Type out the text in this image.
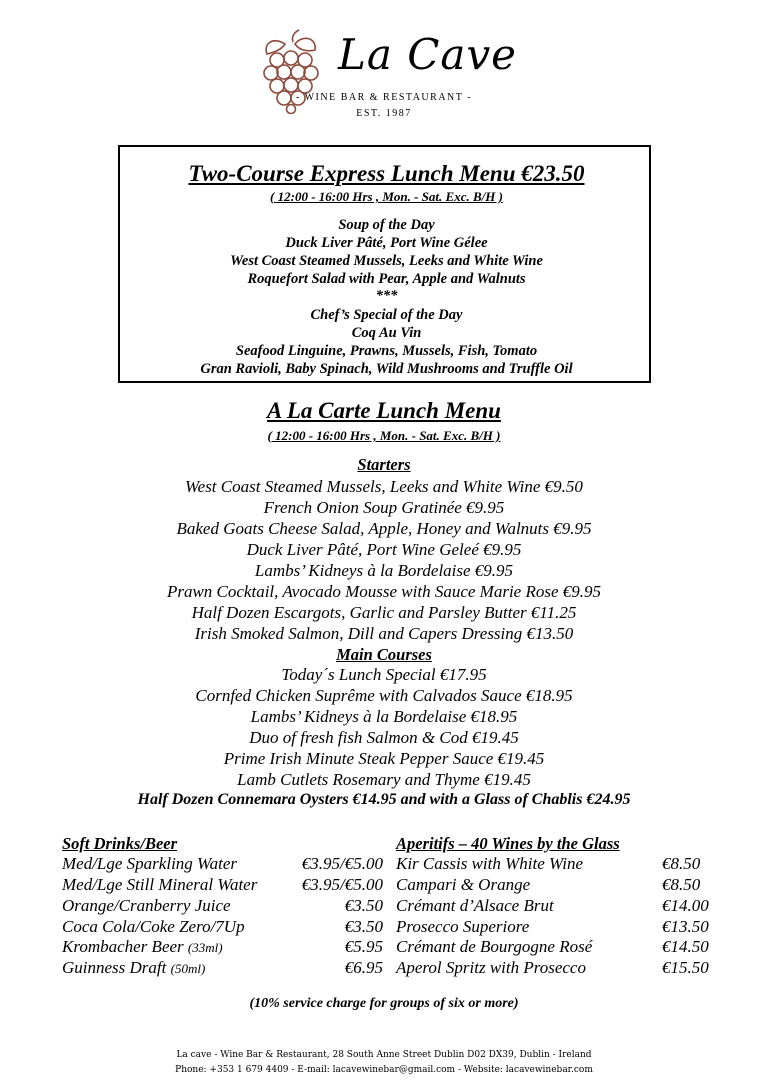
La Cave
- WINE BAR & RESTAURANT -
EST. 1987
Two-Course Express Lunch Menu €23.50
( 12:00 - 16:00 Hrs , Mon. - Sat. Exc. B/H )
Soup of the Day
Duck Liver Pâté, Port Wine Gélee
West Coast Steamed Mussels, Leeks and White Wine
Roquefort Salad with Pear, Apple and Walnuts
***
Chef’s Special of the Day
Coq Au Vin
Seafood Linguine, Prawns, Mussels, Fish, Tomato
Gran Ravioli, Baby Spinach, Wild Mushrooms and Truffle Oil
A La Carte Lunch Menu
( 12:00 - 16:00 Hrs , Mon. - Sat. Exc. B/H )
Starters
West Coast Steamed Mussels, Leeks and White Wine €9.50
French Onion Soup Gratinée €9.95
Baked Goats Cheese Salad, Apple, Honey and Walnuts €9.95
Duck Liver Pâté, Port Wine Geleé €9.95
Lambs’ Kidneys à la Bordelaise €9.95
Prawn Cocktail, Avocado Mousse with Sauce Marie Rose €9.95
Half Dozen Escargots, Garlic and Parsley Butter €11.25
Irish Smoked Salmon, Dill and Capers Dressing €13.50
Main Courses
Today´s Lunch Special €17.95
Cornfed Chicken Suprême with Calvados Sauce €18.95
Lambs’ Kidneys à la Bordelaise €18.95
Duo of fresh fish Salmon & Cod €19.45
Prime Irish Minute Steak Pepper Sauce €19.45
Lamb Cutlets Rosemary and Thyme €19.45
Half Dozen Connemara Oysters €14.95 and with a Glass of Chablis €24.95
Soft Drinks/Beer
Med/Lge Sparkling Water	€3.95/€5.00
Med/Lge Still Mineral Water	€3.95/€5.00
Orange/Cranberry Juice	€3.50
Coca Cola/Coke Zero/7Up	€3.50
Krombacher Beer (33ml)	€5.95
Guinness Draft (50ml)	€6.95
Aperitifs – 40 Wines by the Glass
Kir Cassis with White Wine	€8.50
Campari & Orange	€8.50
Crémant d’Alsace Brut	€14.00
Prosecco Superiore	€13.50
Crémant de Bourgogne Rosé	€14.50
Aperol Spritz with Prosecco	€15.50
(10% service charge for groups of six or more)
La cave - Wine Bar & Restaurant, 28 South Anne Street Dublin D02 DX39, Dublin - Ireland
Phone: +353 1 679 4409 - E-mail: lacavewinebar@gmail.com - Website: lacavewinebar.com
